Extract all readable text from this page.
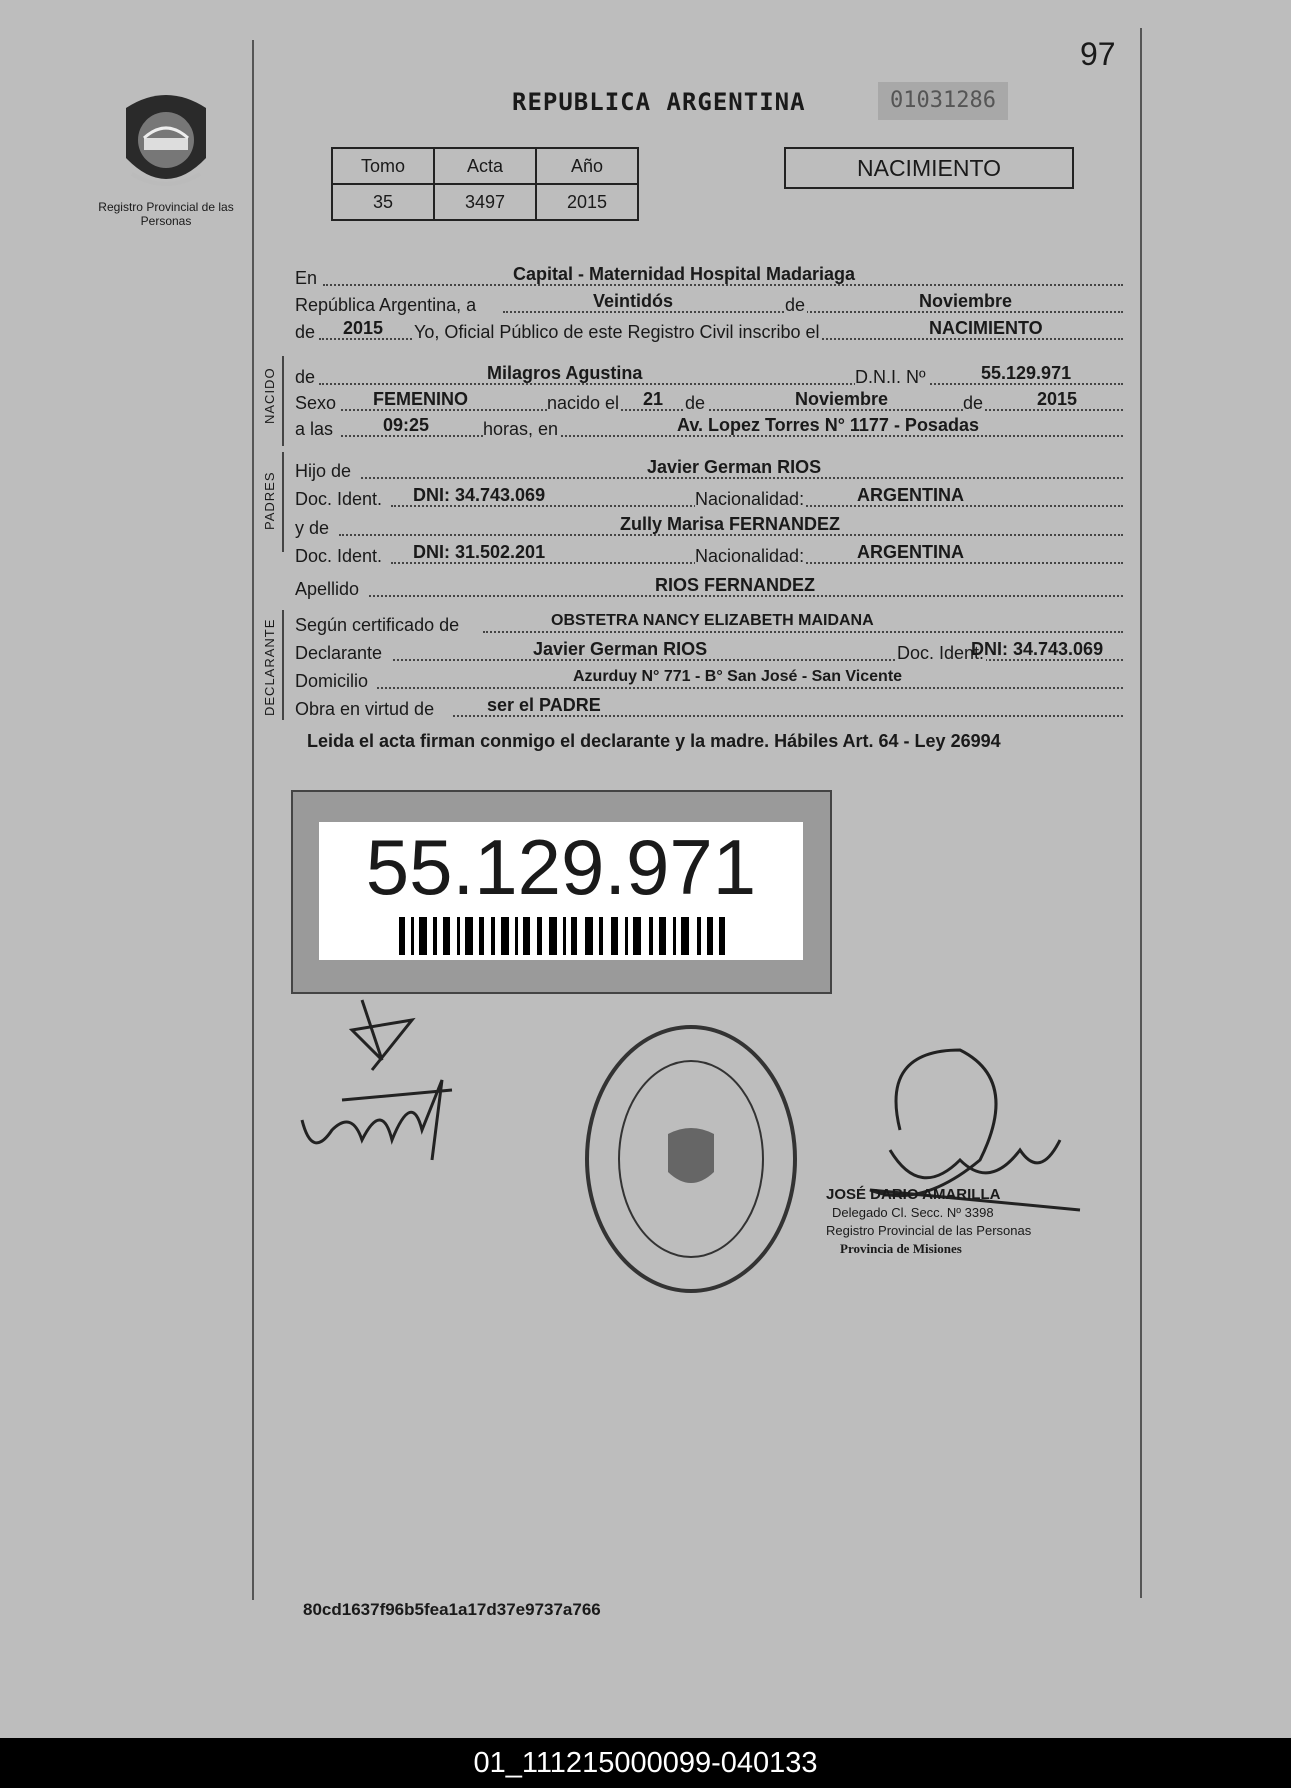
97
Registro Provincial de las Personas
REPUBLICA ARGENTINA	01031286
Tomo	Acta	Año
35	3497	2015
NACIMIENTO
NACIDO
PADRES
DECLARANTE
En	Capital - Maternidad Hospital Madariaga
República Argentina, a	Veintidós	de	Noviembre
de 2015 Yo, Oficial Público de este Registro Civil inscribo el	NACIMIENTO
de	Milagros Agustina	D.N.I. Nº	55.129.971
Sexo FEMENINO	nacido el 21 de	Noviembre	de	2015
a las	09:25	horas, en	Av. Lopez Torres N° 1177 - Posadas
Hijo de	Javier German RIOS
Doc. Ident. DNI: 34.743.069	Nacionalidad:	ARGENTINA
y de	Zully Marisa FERNANDEZ
Doc. Ident. DNI: 31.502.201	Nacionalidad:	ARGENTINA
Apellido	RIOS FERNANDEZ
Según certificado de	OBSTETRA NANCY ELIZABETH MAIDANA
Declarante	Javier German RIOS	Doc. Ident.
DNI: 34.743.069
Domicilio	Azurduy N° 771 - B° San José - San Vicente
Obra en virtud de	ser el PADRE
Leida el acta firman conmigo el declarante y la madre. Hábiles Art. 64 - Ley 26994
55.129.971
JOSÉ DARIO AMARILLA
Delegado Cl. Secc. Nº 3398
Registro Provincial de las Personas
Provincia de Misiones
80cd1637f96b5fea1a17d37e9737a766
01_111215000099-040133
